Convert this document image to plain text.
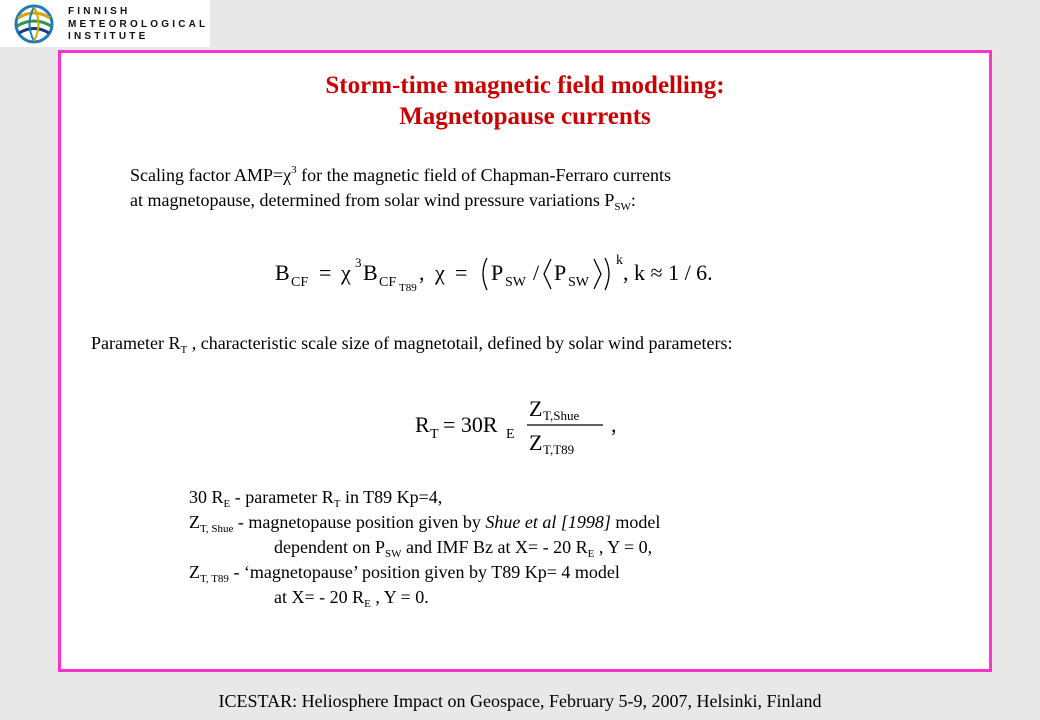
FINNISH
METEOROLOGICAL
INSTITUTE
Storm-time magnetic field modelling:
Magnetopause currents
Scaling factor $AMP=\chi^3$ for the magnetic field of Chapman-Ferraro currents
at magnetopause, determined from solar wind pressure variations $P_{SW}$:
B CF = χ 3 B CF T89
, χ = P SW / P SW
k , k ≈ 1 / 6.
Parameter $R_T$ , characteristic scale size of magnetotail, defined by solar wind parameters:
R T = 30R E
Z T,Shue
Z T,T89
,
30 $R_E$ - parameter $R_T$ in T89 Kp=4,
$Z_{T, Shue}$ - magnetopause position given by Shue et al [1998] model
dependent on $P_{SW}$ and IMF Bz at X= - 20 $R_E$ , Y = 0,
$Z_{T, T89}$ - ‘magnetopause’ position given by T89 Kp= 4 model
at X= - 20 $R_E$ , Y = 0.
ICESTAR: Heliosphere Impact on Geospace, February 5-9, 2007, Helsinki, Finland
